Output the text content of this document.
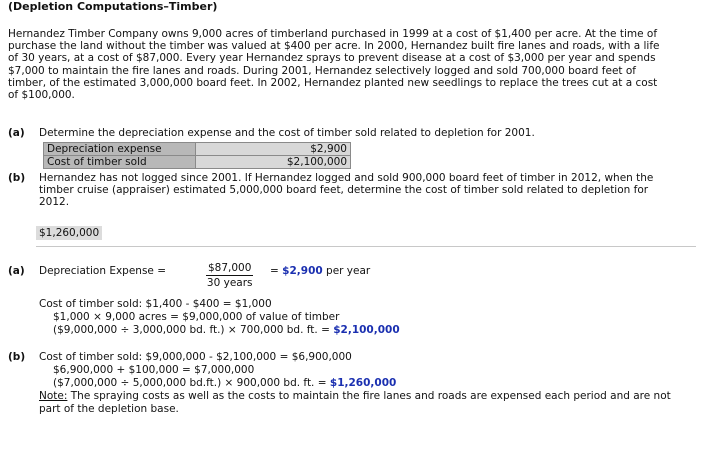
(Depletion Computations–Timber)
Hernandez Timber Company owns 9,000 acres of timberland purchased in 1999 at a cost of $1,400 per acre. At the time of
purchase the land without the timber was valued at $400 per acre. In 2000, Hernandez built fire lanes and roads, with a life
of 30 years, at a cost of $87,000. Every year Hernandez sprays to prevent disease at a cost of $3,000 per year and spends
$7,000 to maintain the fire lanes and roads. During 2001, Hernandez selectively logged and sold 700,000 board feet of
timber, of the estimated 3,000,000 board feet. In 2002, Hernandez planted new seedlings to replace the trees cut at a cost
of $100,000.
(a) Determine the depreciation expense and the cost of timber sold related to depletion for 2001.
Depreciation expense	$2,900
Cost of timber sold	$2,100,000
(b) Hernandez has not logged since 2001. If Hernandez logged and sold 900,000 board feet of timber in 2012, when the
timber cruise (appraiser) estimated 5,000,000 board feet, determine the cost of timber sold related to depletion for
2012.
$1,260,000
(a) Depreciation Expense =	$87,000
30 years
= $2,900 per year
Cost of timber sold: $1,400 - $400 = $1,000
$1,000 × 9,000 acres = $9,000,000 of value of timber
($9,000,000 ÷ 3,000,000 bd. ft.) × 700,000 bd. ft. = $2,100,000
(b) Cost of timber sold: $9,000,000 - $2,100,000 = $6,900,000
$6,900,000 + $100,000 = $7,000,000
($7,000,000 ÷ 5,000,000 bd.ft.) × 900,000 bd. ft. = $1,260,000
Note: The spraying costs as well as the costs to maintain the fire lanes and roads are expensed each period and are not
part of the depletion base.
